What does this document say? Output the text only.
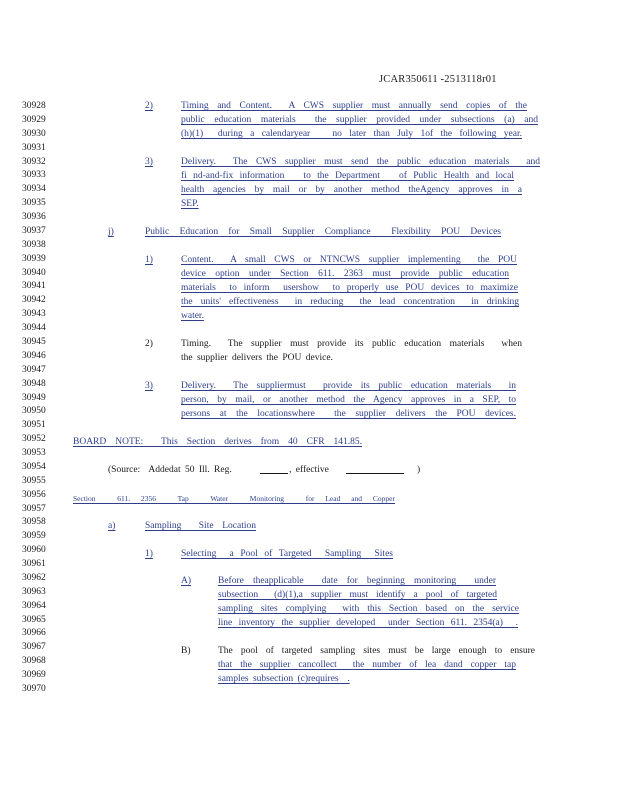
JCAR350611 -2513118r01
30928
30929
30930
30931
30932
30933
30934
30935
30936
30937
30938
30939
30940
30941
30942
30943
30944
30945
30946
30947
30948
30949
30950
30951
30952
30953
30954
30955
30956
30957
30958
30959
30960
30961
30962
30963
30964
30965
30966
30967
30968
30969
30970
2)	Timing and Content.  A CWS supplier must annually send copies of the
public education materials  the supplier provided under subsections (a) and
(h)(1)  during a calendaryear   no later than July 1of the following year.
3)	Delivery.  The CWS supplier must send the public education materials  and
fi nd-and-fix information   to the Department   of Public Health and local
health agencies by mail or by another method theAgency approves in a
SEP.
j)	Public Education for Small Supplier Compliance  Flexibility POU Devices
1)	Content.  A small CWS or NTNCWS supplier implementing  the POU
device option under Section 611. 2363 must provide public education
materials  to inform  usershow  to properly use POU devices to maximize
the units' effectiveness  in reducing  the lead concentration  in drinking
water.
2)	Timing.  The supplier must provide its public education materials  when
the supplier delivers the POU device.
3)	Delivery.  The suppliermust  provide its public education materials  in
person, by mail, or another method the Agency approves in a SEP, to
persons at the locationswhere  the supplier delivers the POU devices.
BOARD NOTE:  This Section derives from 40 CFR 141.85.
(Source:  Addedat 50 Ill. Reg.	, effective	)
Section  611. 2356  Tap  Water  Monitoring  for Lead and Copper
a)	Sampling  Site Location
1)	Selecting  a Pool of Targeted  Sampling  Sites
A)	Before theapplicable  date for beginning monitoring  under
subsection  (d)(1),a supplier must identify a pool of targeted
sampling sites complying  with this Section based on the service
line inventory the supplier developed  under Section 611. 2354(a)  .
B)	The pool of targeted sampling sites must be large enough to ensure
that the supplier cancollect  the number of lea dand copper tap
samples subsection (c)requires  .
